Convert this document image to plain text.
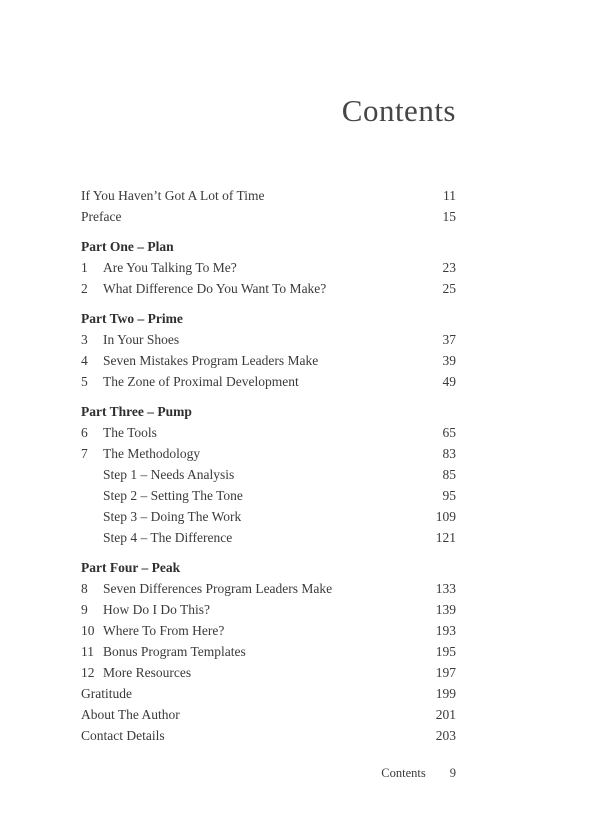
Contents
If You Haven’t Got A Lot of Time	11
Preface	15
Part One – Plan
1	Are You Talking To Me?	23
2	What Difference Do You Want To Make?	25
Part Two – Prime
3	In Your Shoes	37
4	Seven Mistakes Program Leaders Make	39
5	The Zone of Proximal Development	49
Part Three – Pump
6	The Tools	65
7	The Methodology	83
Step 1 – Needs Analysis	85
Step 2 – Setting The Tone	95
Step 3 – Doing The Work	109
Step 4 – The Difference	121
Part Four – Peak
8	Seven Differences Program Leaders Make	133
9	How Do I Do This?	139
10 Where To From Here?	193
11 Bonus Program Templates	195
12 More Resources	197
Gratitude	199
About The Author	201
Contact Details	203
Contents 9
